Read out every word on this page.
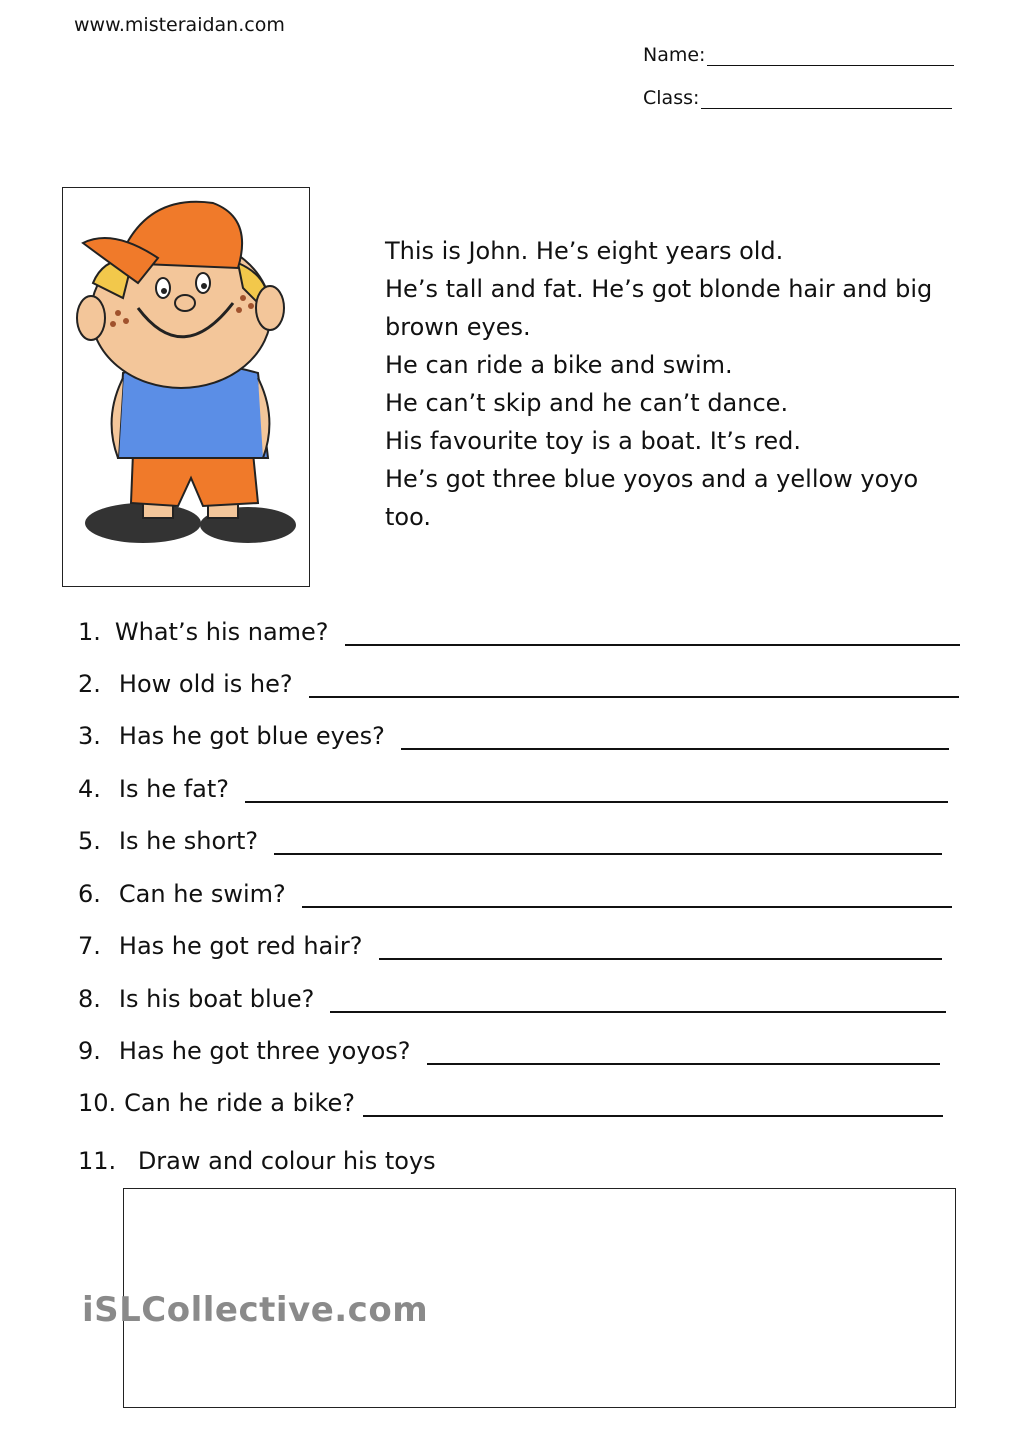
www.misteraidan.com
Name:
Class:
This is John. He’s eight years old.
He’s tall and fat. He’s got blonde hair and big
brown eyes.
He can ride a bike and swim.
He can’t skip and he can’t dance.
His favourite toy is a boat. It’s red.
He’s got three blue yoyos and a yellow yoyo
too.
1. What’s his name?
2. How old is he?
3. Has he got blue eyes?
4. Is he fat?
5. Is he short?
6. Can he swim?
7. Has he got red hair?
8. Is his boat blue?
9. Has he got three yoyos?
10. Can he ride a bike?
11. Draw and colour his toys
iSLCollective.com
